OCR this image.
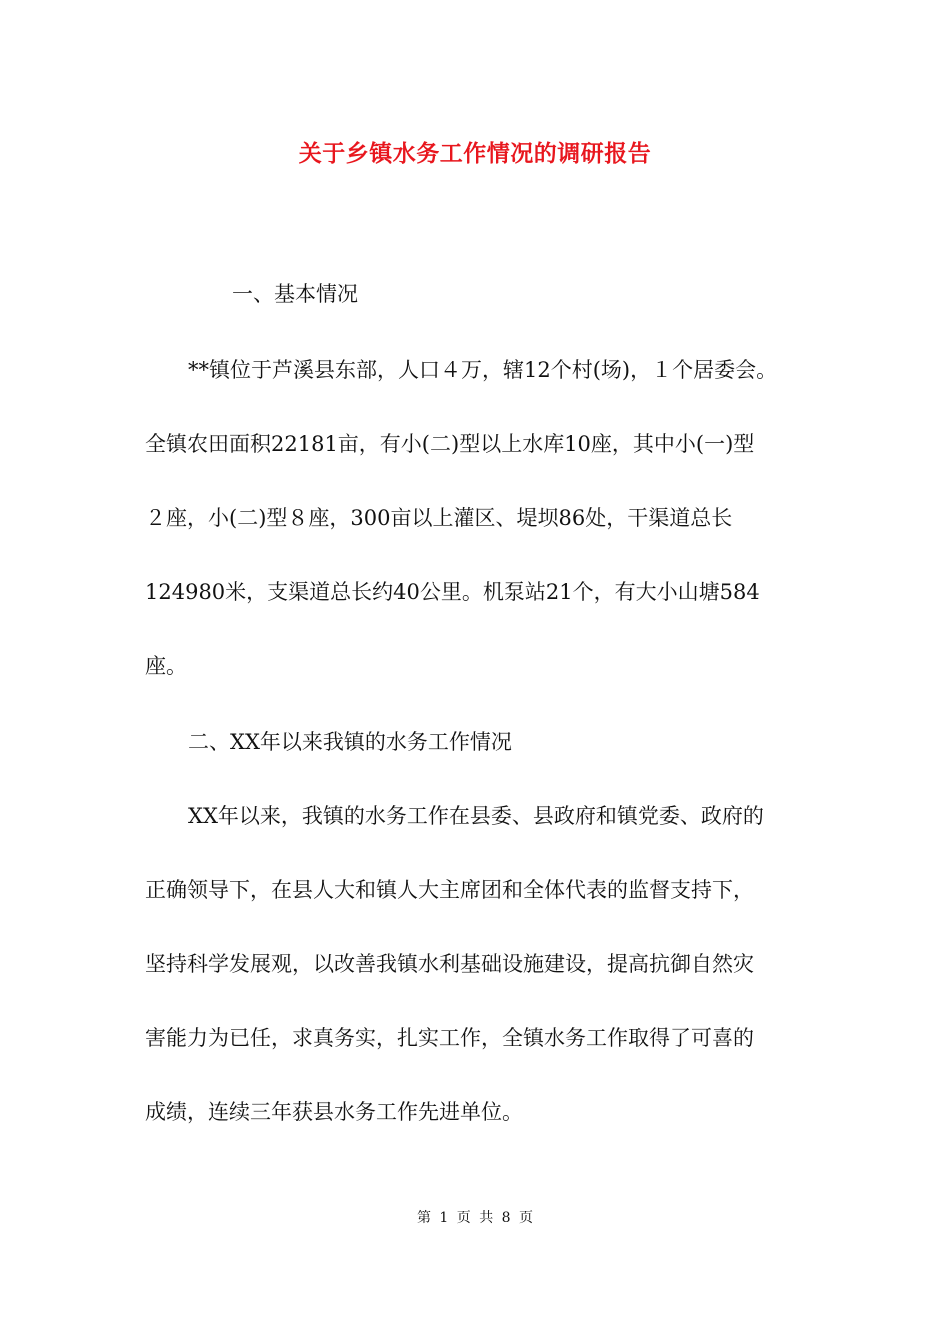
关于乡镇水务工作情况的调研报告
一、基本情况
**镇位于芦溪县东部，人口４万，辖12个村(场)，１个居委会。
全镇农田面积22181亩，有小(二)型以上水库10座，其中小(一)型
２座，小(二)型８座，300亩以上灌区、堤坝86处，干渠道总长
124980米，支渠道总长约40公里。机泵站21个，有大小山塘584
座。
二、XX年以来我镇的水务工作情况
XX年以来，我镇的水务工作在县委、县政府和镇党委、政府的
正确领导下，在县人大和镇人大主席团和全体代表的监督支持下，
坚持科学发展观，以改善我镇水利基础设施建设，提高抗御自然灾
害能力为已任，求真务实，扎实工作，全镇水务工作取得了可喜的
成绩，连续三年获县水务工作先进单位。
第 1 页 共 8 页
